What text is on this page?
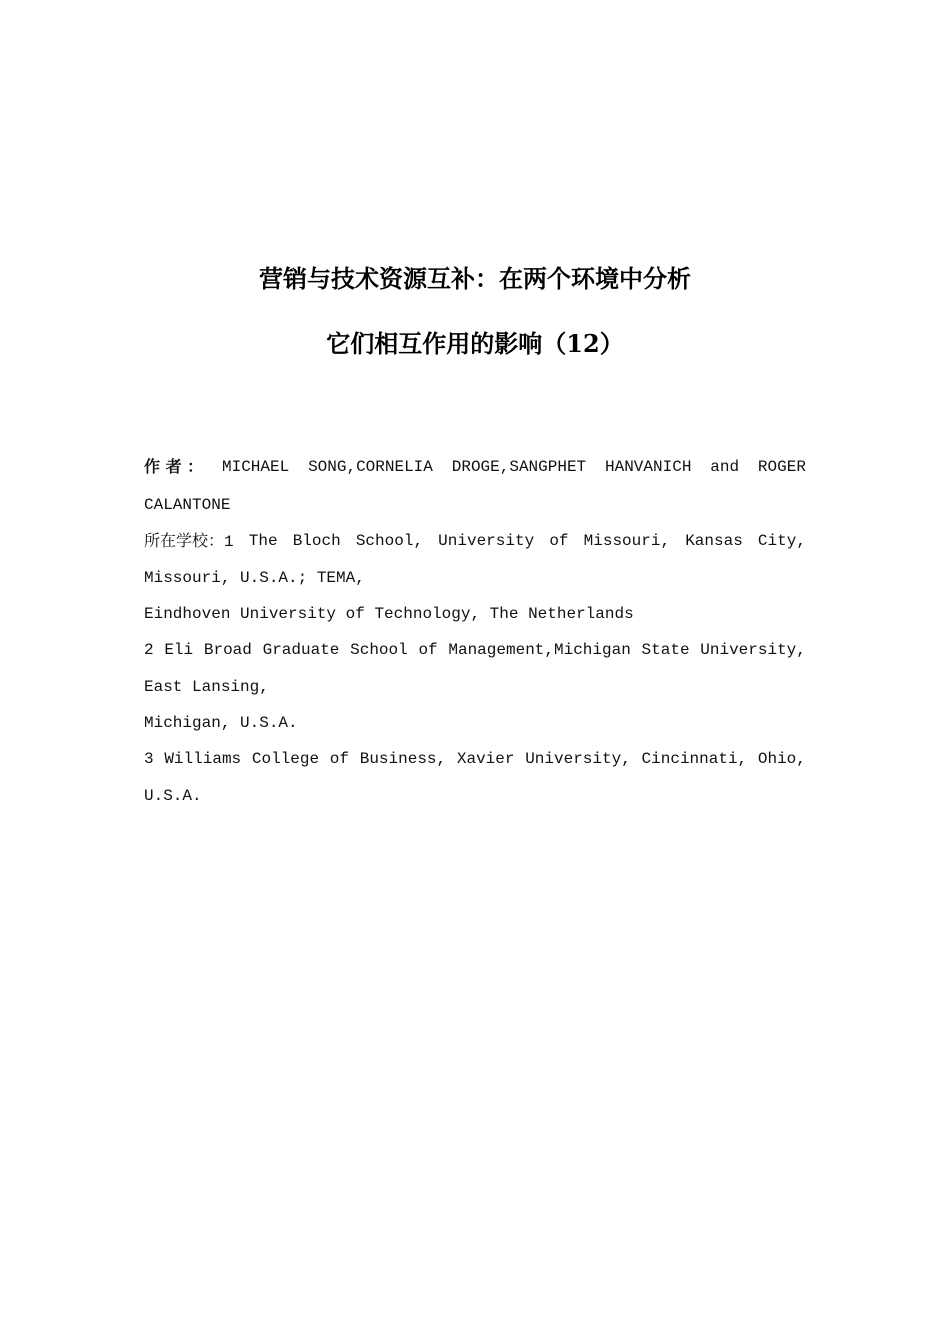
营销与技术资源互补：在两个环境中分析
它们相互作用的影响（12）
作 者 ： MICHAEL SONG,CORNELIA DROGE,SANGPHET HANVANICH and ROGER
CALANTONE
所在学校：1 The Bloch School, University of Missouri, Kansas City,
Missouri, U.S.A.; TEMA,
Eindhoven University of Technology, The Netherlands
2 Eli Broad Graduate School of Management,Michigan State University,
East Lansing,
Michigan, U.S.A.
3 Williams College of Business, Xavier University, Cincinnati, Ohio,
U.S.A.
